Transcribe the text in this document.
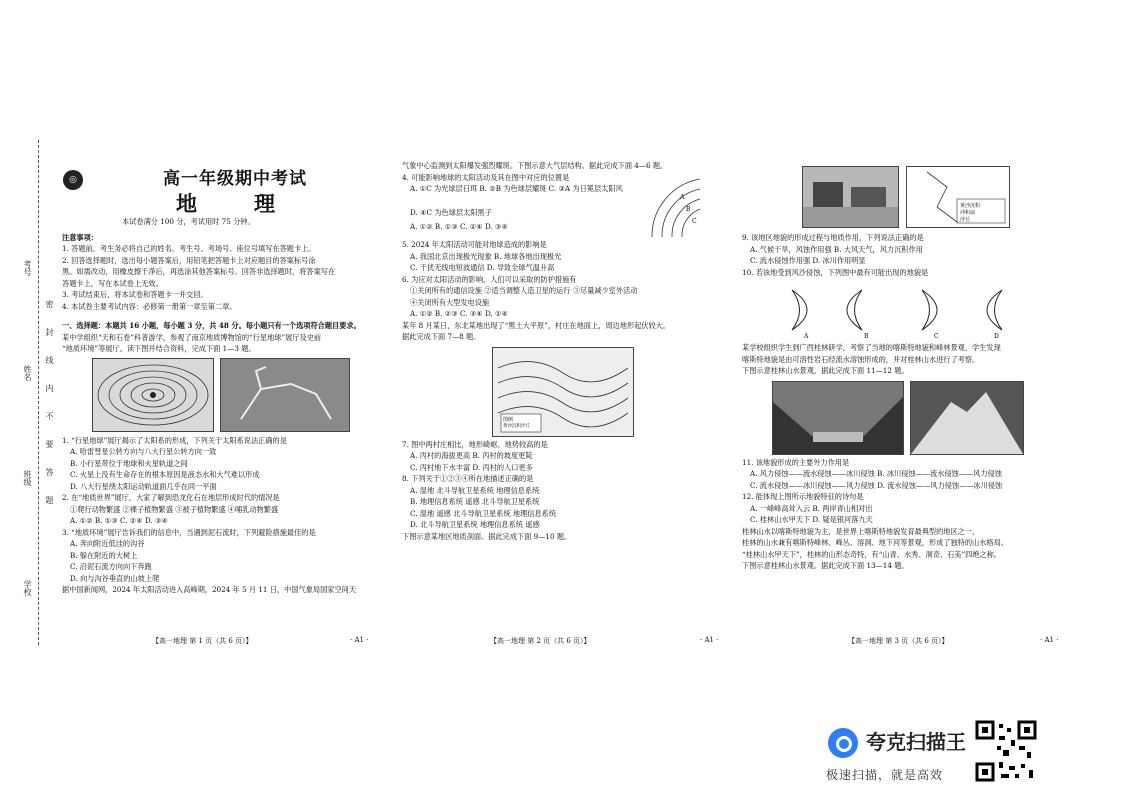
考号
姓名
班级
学校
密　封　线　内　不　要　答　题
◎	高一年级期中考试
地　理

本试卷满分 100 分，考试用时 75 分钟。

注意事项：

1. 答题前，考生务必将自己的姓名、考生号、考场号、座位号填写在答题卡上。

2. 回答选择题时，选出每小题答案后，用铅笔把答题卡上对应题目的答案标号涂

黑。如需改动，用橡皮擦干净后，再选涂其他答案标号。回答非选择题时，将答案写在

答题卡上，写在本试卷上无效。

3. 考试结束后，将本试卷和答题卡一并交回。

4. 本试卷主要考试内容：必修第一册第一章至第二章。

一、选择题：本题共 16 小题，每小题 3 分，共 48 分。每小题只有一个选项符合题目要求。

某中学组织“天和石卷”科普游学，参观了南京地质博物馆的“行星地球”展厅及史前

“地质环境”等展厅。读下图并结合资料，完成下面 1—3 题。

1. “行星地球”展厅揭示了太阳系的形成，下列关于太阳系说法正确的是

A. 哈雷彗星公转方向与八大行星公转方向一致

B. 小行星带位于地球和火星轨道之间

C. 火星上没有生命存在的根本原因是液态水和大气难以形成

D. 八大行星绕太阳运动轨道面几乎在同一平面

2. 在“地质世界”展厅，大家了解到恐龙化石在地层形成时代的情况是

①爬行动物繁盛 ②裸子植物繁盛 ③被子植物繁盛 ④哺乳动物繁盛

A. ①② B. ①③ C. ②④ D. ③④

3. “地质环境”展厅告诉我们的信息中，当遇到泥石流时，下列避险措施最佳的是

A. 奔向附近低洼的沟谷

B. 躲在附近的大树上

C. 沿泥石流方向向下奔跑

D. 向与沟谷垂直的山坡上爬

据中国新闻网，2024 年太阳活动进入高峰期，2024 年 5 月 11 日，中国气象局国家空间天

气象中心监测到太阳爆发强烈耀斑。下图示意大气层结构。据此完成下面 4—6 题。

4. 可能影响地球的太阳活动及其在图中对应的位置是

A. ①C 为光球层日珥 B. ②B 为色球层耀斑 C. ③A 为日冕层太阳风

D. ④C 为色球层太阳黑子

A. ①② B. ①③ C. ②④ D. ③④

A
B
C

5. 2024 年太阳活动可能对地球造成的影响是

A. 我国北京出现极光现象 B. 地球各地出现极光

C. 干扰无线电短波通信 D. 导致全球气温升高

6. 为应对太阳活动的影响，人们可以采取的防护措施有

①关闭所有的通信设施 ②适当调整人造卫星的运行 ③尽量减少室外活动

④关闭所有大型发电设施

A. ①② B. ②③ C. ③④ D. ①④

某年 8 月某日，东北某地出现了“黑土大平原”，村庄在地面上，周边地形起伏较大。

据此完成下面 7—8 题。

图例
黄沙沉积 沙丘

7. 图中两村庄相比，地形崎岖、地势较高的是

A. 丙村的海拔更高 B. 丙村的坡度更陡

C. 丙村地下水丰富 D. 丙村的人口更多

8. 下列关于①②③④所在地描述正确的是

A. 湿地 北斗导航卫星系统 地理信息系统

B. 地理信息系统 遥感 北斗导航卫星系统

C. 湿地 遥感 北斗导航卫星系统 地理信息系统

D. 北斗导航卫星系统 地理信息系统 遥感

下图示意某地区地质剖面。据此完成下面 9—10 题。

黄沙沉积
冲积扇
沙丘

9. 该地区地貌的形成过程与地质作用，下列说法正确的是

A. 气候干旱，风蚀作用强 B. 大风天气，风力沉积作用

C. 流水侵蚀作用强 D. 冰川作用明显

10. 若该地受到风沙侵蚀，下列图中最有可能出现的地貌是

A	B	C	D

某学校组织学生到广西桂林研学，考察了当地的喀斯特地貌和峰林景观，学生发现

喀斯特地貌是由可溶性岩石经流水溶蚀形成的，并对桂林山水进行了考察。

下图示意桂林山水景观，据此完成下面 11—12 题。

11. 该地貌形成的主要外力作用是

A. 风力侵蚀——流水侵蚀——冰川侵蚀 B. 冰川侵蚀——流水侵蚀——风力侵蚀

C. 流水侵蚀——冰川侵蚀——风力侵蚀 D. 流水侵蚀——风力侵蚀——冰川侵蚀

12. 能体现上图所示地貌特征的诗句是

A. 一峰峰高耸入云 B. 两岸青山相对出

C. 桂林山水甲天下 D. 疑是银河落九天

桂林山水以喀斯特地貌为主，是世界上喀斯特地貌发育最典型的地区之一，

桂林的山水兼有喀斯特峰林、峰丛、溶洞、地下河等景观，形成了独特的山水格局。

“桂林山水甲天下”，桂林的山形态奇特，有“山青、水秀、洞奇、石美”四绝之称。

下图示意桂林山水景观。据此完成下面 13—14 题。

【高一地理 第 1 页（共 6 页）】	· A1 ·	【高一地理 第 2 页（共 6 页）】	· A1 ·	【高一地理 第 3 页（共 6 页）】	· A1 ·
夸克扫描王
极速扫描，就是高效
